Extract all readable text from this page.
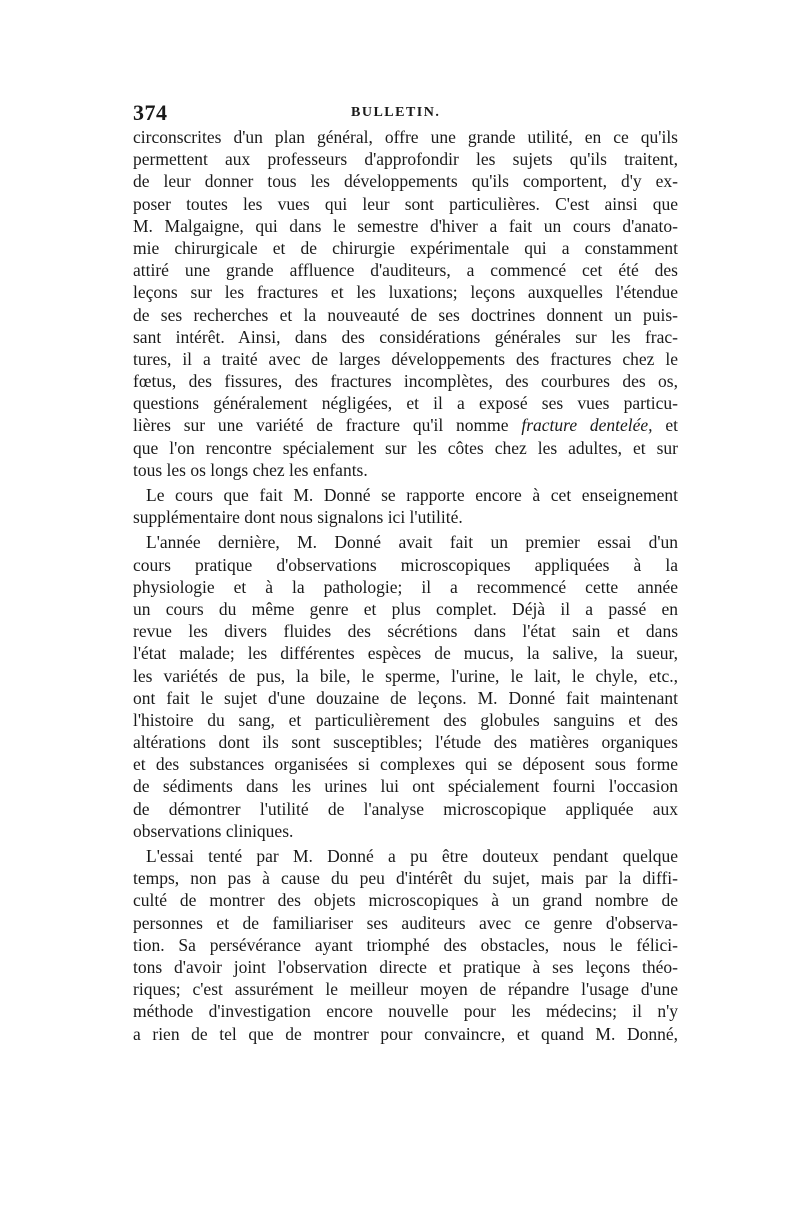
374	BULLETIN.
circonscrites d'un plan général, offre une grande utilité, en ce qu'ils
permettent aux professeurs d'approfondir les sujets qu'ils traitent,
de leur donner tous les développements qu'ils comportent, d'y ex-
poser toutes les vues qui leur sont particulières. C'est ainsi que
M. Malgaigne, qui dans le semestre d'hiver a fait un cours d'anato-
mie chirurgicale et de chirurgie expérimentale qui a constamment
attiré une grande affluence d'auditeurs, a commencé cet été des
leçons sur les fractures et les luxations; leçons auxquelles l'étendue
de ses recherches et la nouveauté de ses doctrines donnent un puis-
sant intérêt. Ainsi, dans des considérations générales sur les frac-
tures, il a traité avec de larges développements des fractures chez le
fœtus, des fissures, des fractures incomplètes, des courbures des os,
questions généralement négligées, et il a exposé ses vues particu-
lières sur une variété de fracture qu'il nomme fracture dentelée, et
que l'on rencontre spécialement sur les côtes chez les adultes, et sur
tous les os longs chez les enfants.
Le cours que fait M. Donné se rapporte encore à cet enseignement
supplémentaire dont nous signalons ici l'utilité.
L'année dernière, M. Donné avait fait un premier essai d'un
cours pratique d'observations microscopiques appliquées à la
physiologie et à la pathologie; il a recommencé cette année
un cours du même genre et plus complet. Déjà il a passé en
revue les divers fluides des sécrétions dans l'état sain et dans
l'état malade; les différentes espèces de mucus, la salive, la sueur,
les variétés de pus, la bile, le sperme, l'urine, le lait, le chyle, etc.,
ont fait le sujet d'une douzaine de leçons. M. Donné fait maintenant
l'histoire du sang, et particulièrement des globules sanguins et des
altérations dont ils sont susceptibles; l'étude des matières organiques
et des substances organisées si complexes qui se déposent sous forme
de sédiments dans les urines lui ont spécialement fourni l'occasion
de démontrer l'utilité de l'analyse microscopique appliquée aux
observations cliniques.
L'essai tenté par M. Donné a pu être douteux pendant quelque
temps, non pas à cause du peu d'intérêt du sujet, mais par la diffi-
culté de montrer des objets microscopiques à un grand nombre de
personnes et de familiariser ses auditeurs avec ce genre d'observa-
tion. Sa persévérance ayant triomphé des obstacles, nous le félici-
tons d'avoir joint l'observation directe et pratique à ses leçons théo-
riques; c'est assurément le meilleur moyen de répandre l'usage d'une
méthode d'investigation encore nouvelle pour les médecins; il n'y
a rien de tel que de montrer pour convaincre, et quand M. Donné,
